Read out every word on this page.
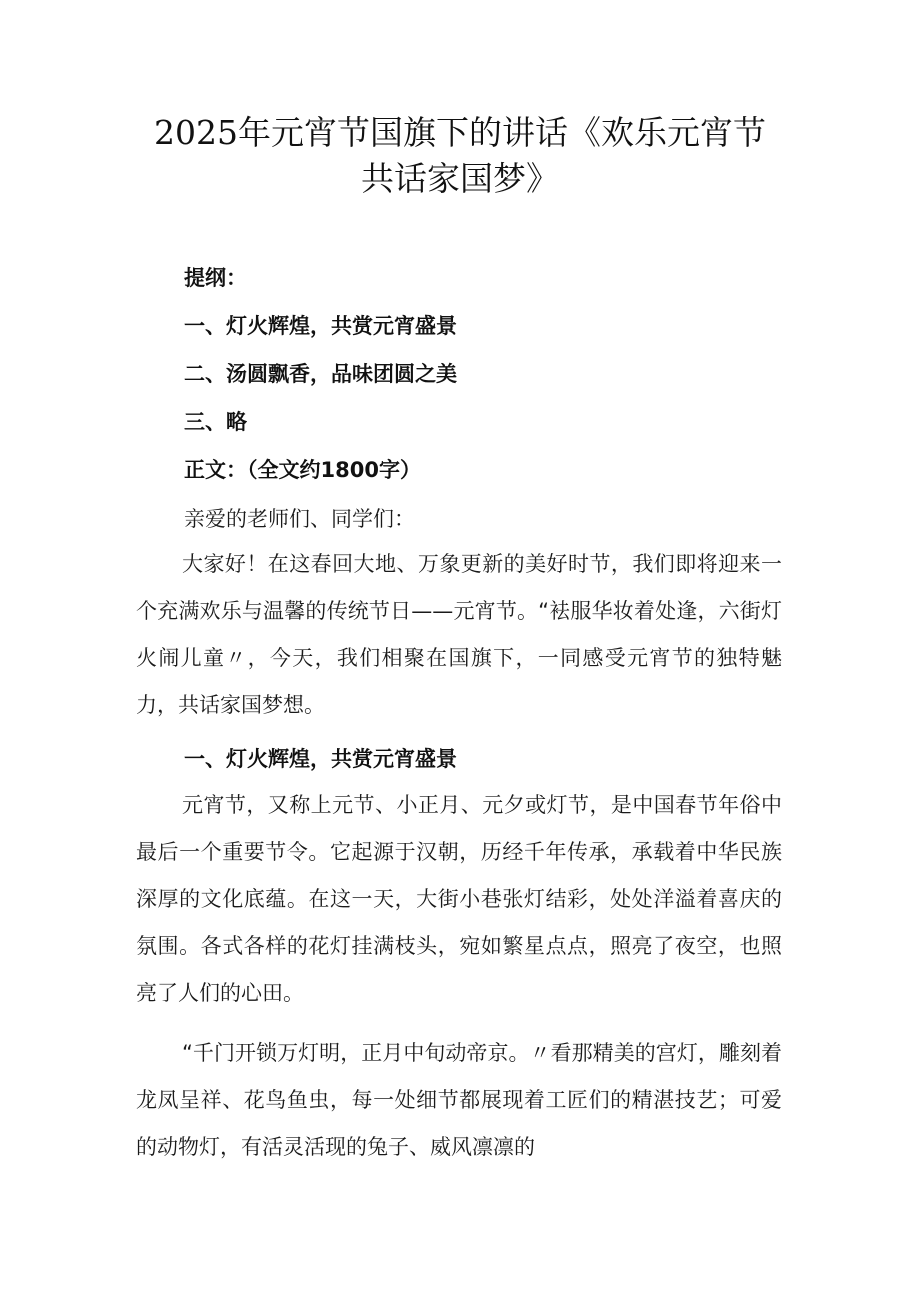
2025年元宵节国旗下的讲话《欢乐元宵节
共话家国梦》
提纲：
一、灯火辉煌，共赏元宵盛景
二、汤圆飘香，品味团圆之美
三、略
正文：（全文约1800字）
亲爱的老师们、同学们：
大家好！在这春回大地、万象更新的美好时节，我们即将迎来一个充满欢乐与温馨的传统节日——元宵节。“袪服华妆着处逢，六街灯火闹儿童〃，今天，我们相聚在国旗下，一同感受元宵节的独特魅力，共话家国梦想。
一、灯火辉煌，共赏元宵盛景
元宵节，又称上元节、小正月、元夕或灯节，是中国春节年俗中最后一个重要节令。它起源于汉朝，历经千年传承，承载着中华民族深厚的文化底蕴。在这一天，大街小巷张灯结彩，处处洋溢着喜庆的氛围。各式各样的花灯挂满枝头，宛如繁星点点，照亮了夜空，也照亮了人们的心田。
“千门开锁万灯明，正月中旬动帝京。〃看那精美的宫灯，雕刻着龙凤呈祥、花鸟鱼虫，每一处细节都展现着工匠们的精湛技艺；可爱的动物灯，有活灵活现的兔子、威风凛凛的
